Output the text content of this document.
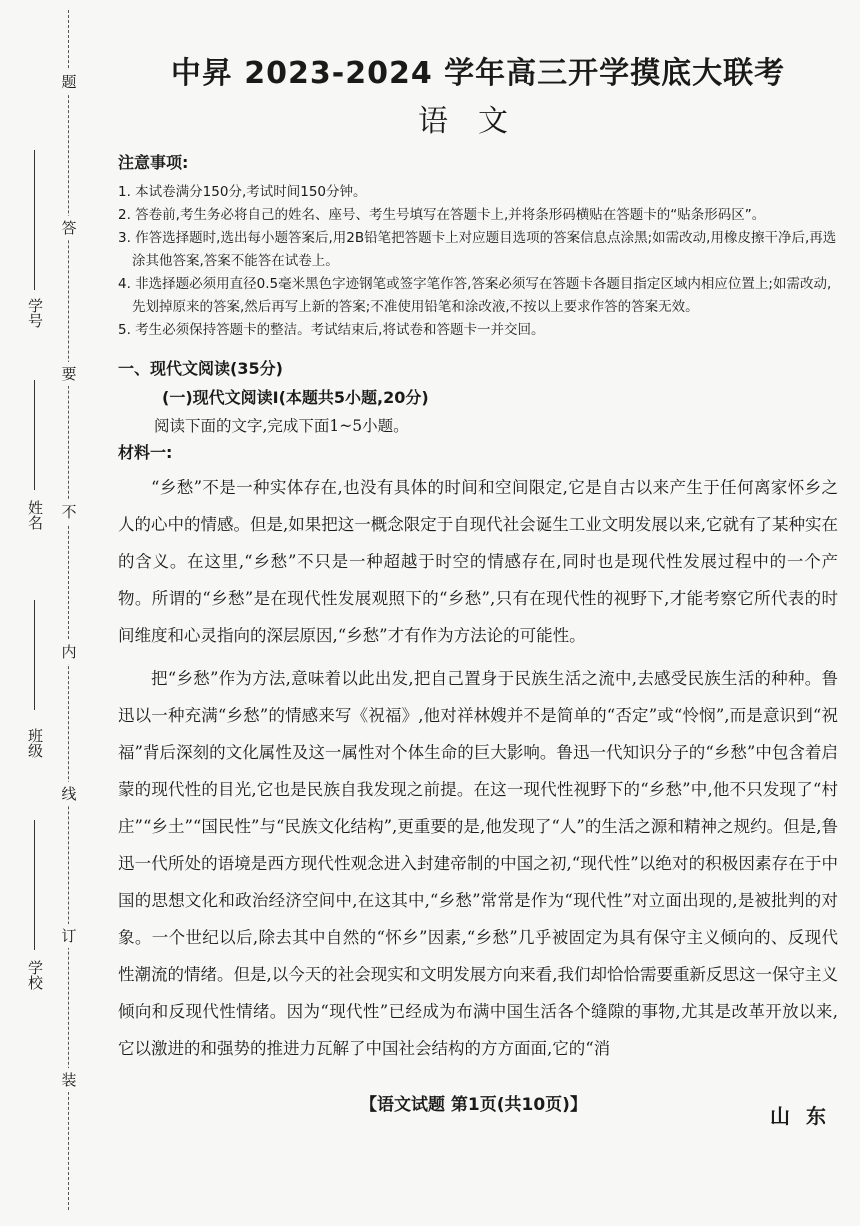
题
答
要
不
内
线
订
装
学号
姓名
班级
学校
中昇 2023-2024 学年高三开学摸底大联考
语文
注意事项:
1. 本试卷满分150分,考试时间150分钟。
2. 答卷前,考生务必将自己的姓名、座号、考生号填写在答题卡上,并将条形码横贴在答题卡的“贴条形码区”。
3. 作答选择题时,选出每小题答案后,用2B铅笔把答题卡上对应题目选项的答案信息点涂黑;如需改动,用橡皮擦干净后,再选涂其他答案,答案不能答在试卷上。
4. 非选择题必须用直径0.5毫米黑色字迹钢笔或签字笔作答,答案必须写在答题卡各题目指定区域内相应位置上;如需改动,先划掉原来的答案,然后再写上新的答案;不准使用铅笔和涂改液,不按以上要求作答的答案无效。
5. 考生必须保持答题卡的整洁。考试结束后,将试卷和答题卡一并交回。
一、现代文阅读(35分)
(一)现代文阅读Ⅰ(本题共5小题,20分)
阅读下面的文字,完成下面1~5小题。
材料一:

“乡愁”不是一种实体存在,也没有具体的时间和空间限定,它是自古以来产生于任何离家怀乡之人的心中的情感。但是,如果把这一概念限定于自现代社会诞生工业文明发展以来,它就有了某种实在的含义。在这里,“乡愁”不只是一种超越于时空的情感存在,同时也是现代性发展过程中的一个产物。所谓的“乡愁”是在现代性发展观照下的“乡愁”,只有在现代性的视野下,才能考察它所代表的时间维度和心灵指向的深层原因,“乡愁”才有作为方法论的可能性。

把“乡愁”作为方法,意味着以此出发,把自己置身于民族生活之流中,去感受民族生活的种种。鲁迅以一种充满“乡愁”的情感来写《祝福》,他对祥林嫂并不是简单的“否定”或“怜悯”,而是意识到“祝福”背后深刻的文化属性及这一属性对个体生命的巨大影响。鲁迅一代知识分子的“乡愁”中包含着启蒙的现代性的目光,它也是民族自我发现之前提。在这一现代性视野下的“乡愁”中,他不只发现了“村庄”“乡土”“国民性”与“民族文化结构”,更重要的是,他发现了“人”的生活之源和精神之规约。但是,鲁迅一代所处的语境是西方现代性观念进入封建帝制的中国之初,“现代性”以绝对的积极因素存在于中国的思想文化和政治经济空间中,在这其中,“乡愁”常常是作为“现代性”对立面出现的,是被批判的对象。一个世纪以后,除去其中自然的“怀乡”因素,“乡愁”几乎被固定为具有保守主义倾向的、反现代性潮流的情绪。但是,以今天的社会现实和文明发展方向来看,我们却恰恰需要重新反思这一保守主义倾向和反现代性情绪。因为“现代性”已经成为布满中国生活各个缝隙的事物,尤其是改革开放以来,它以激进的和强势的推进力瓦解了中国社会结构的方方面面,它的“消

【语文试题 第1页(共10页)】	山东
